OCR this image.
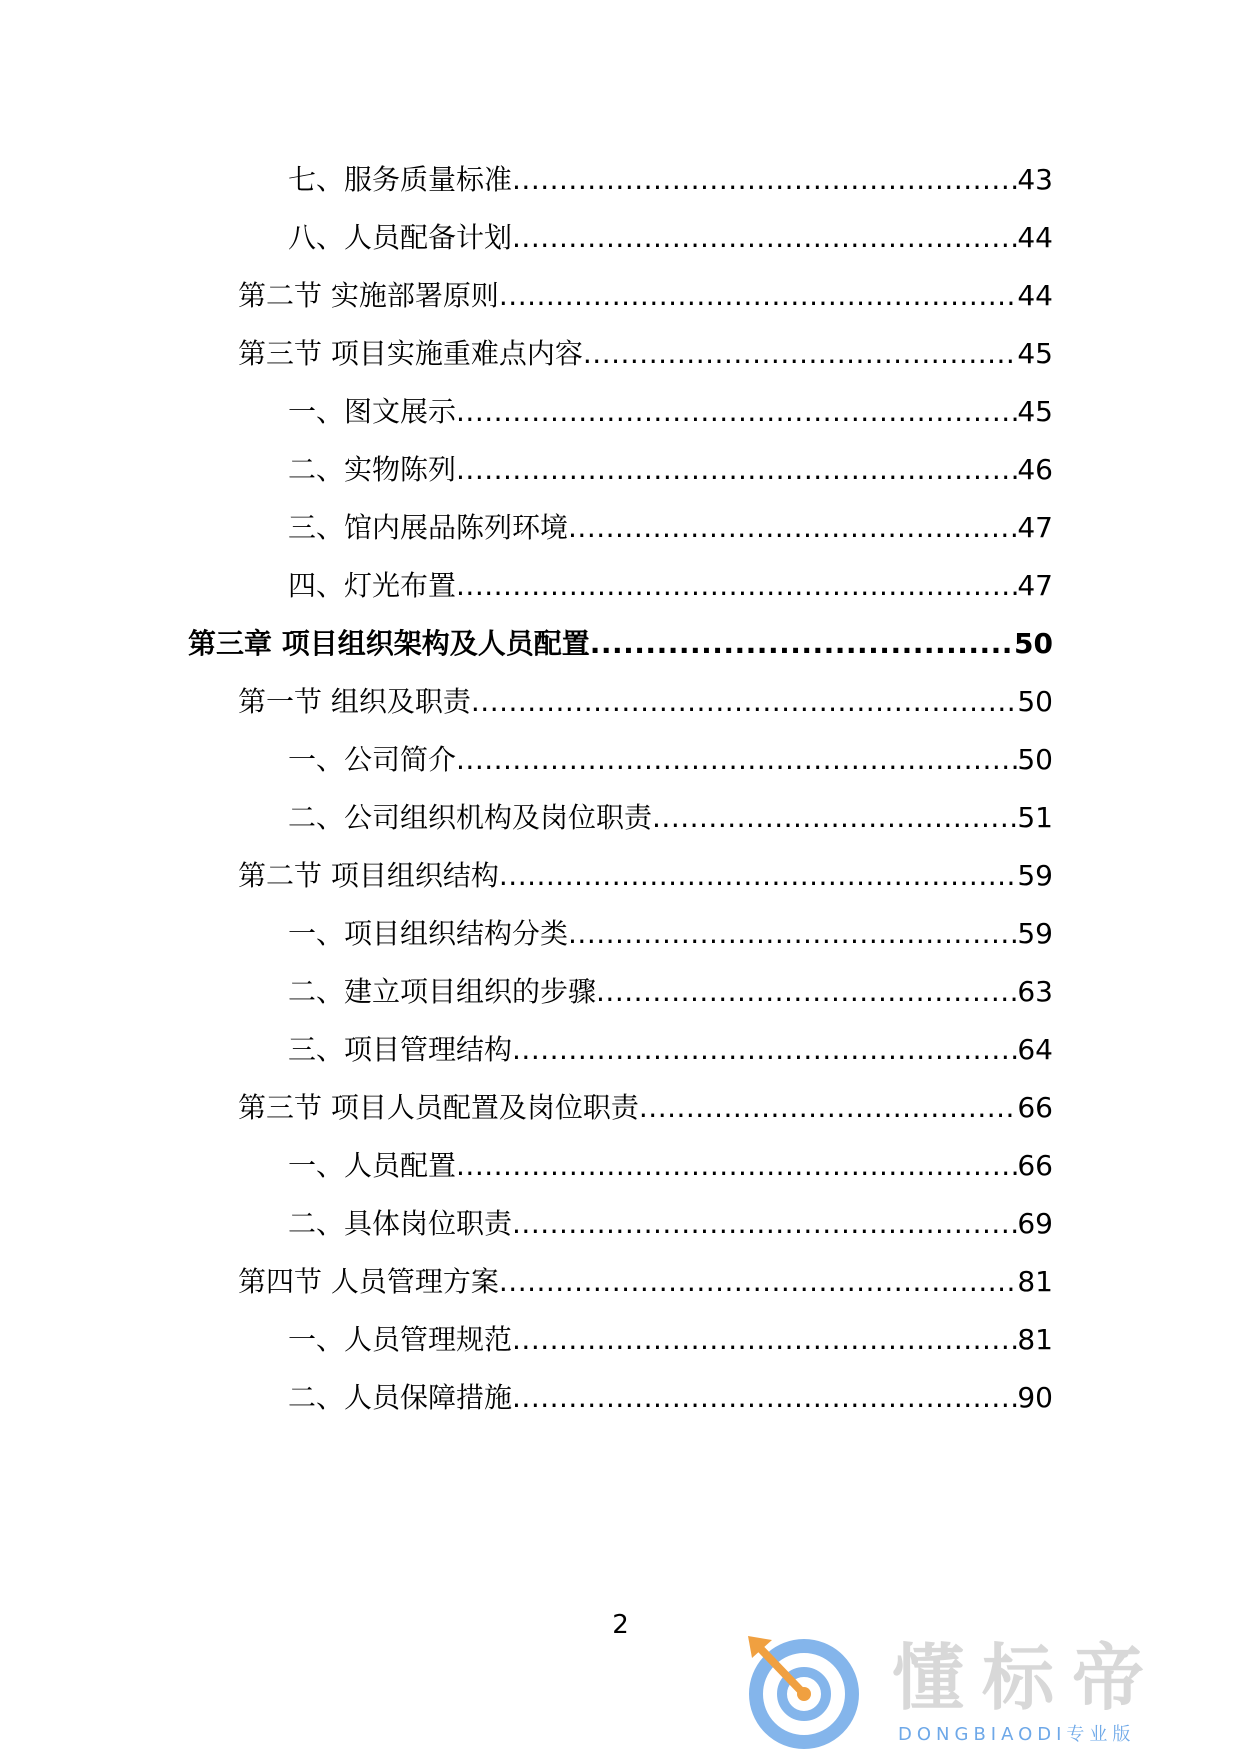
七、服务质量标准 .....	43
八、人员配备计划 .....	44
第二节 实施部署原则 .....	44
第三节 项目实施重难点内容 .....	45
一、图文展示 .....	45
二、实物陈列 .....	46
三、馆内展品陈列环境 .....	47
四、灯光布置 .....	47
第三章 项目组织架构及人员配置 .....	50
第一节 组织及职责 .....	50
一、公司简介 .....	50
二、公司组织机构及岗位职责 .....	51
第二节 项目组织结构 .....	59
一、项目组织结构分类 .....	59
二、建立项目组织的步骤 .....	63
三、项目管理结构 .....	64
第三节 项目人员配置及岗位职责 .....	66
一、人员配置 .....	66
二、具体岗位职责 .....	69
第四节 人员管理方案 .....	81
一、人员管理规范 .....	81
二、人员保障措施 .....	90
2
懂标帝
DONGBIAODI专业版
